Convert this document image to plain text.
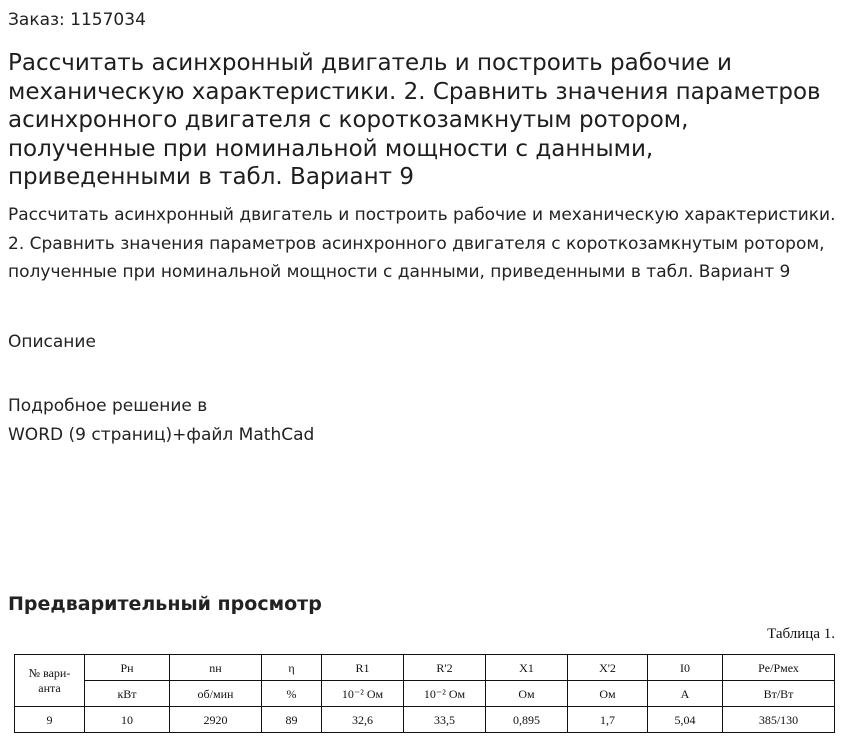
Заказ: 1157034
Рассчитать асинхронный двигатель и построить рабочие и механическую характеристики. 2. Сравнить значения параметров асинхронного двигателя с короткозамкнутым ротором, полученные при номинальной мощности с данными, приведенными в табл. Вариант 9

Рассчитать асинхронный двигатель и построить рабочие и механическую характеристики. 2. Сравнить значения параметров асинхронного двигателя с короткозамкнутым ротором, полученные при номинальной мощности с данными, приведенными в табл. Вариант 9

Описание
Подробное решение в
WORD (9 страниц)+файл MathCad
Предварительный просмотр
Таблица 1.
№ вари-
анта	Pн	nн	η	R1	R'2	X1	X'2	I0	Pe/Pмех
	кВт	об/мин	%	10⁻² Ом	10⁻² Ом	Ом	Ом	А	Вт/Вт
9	10	2920	89	32,6	33,5	0,895	1,7	5,04	385/130
